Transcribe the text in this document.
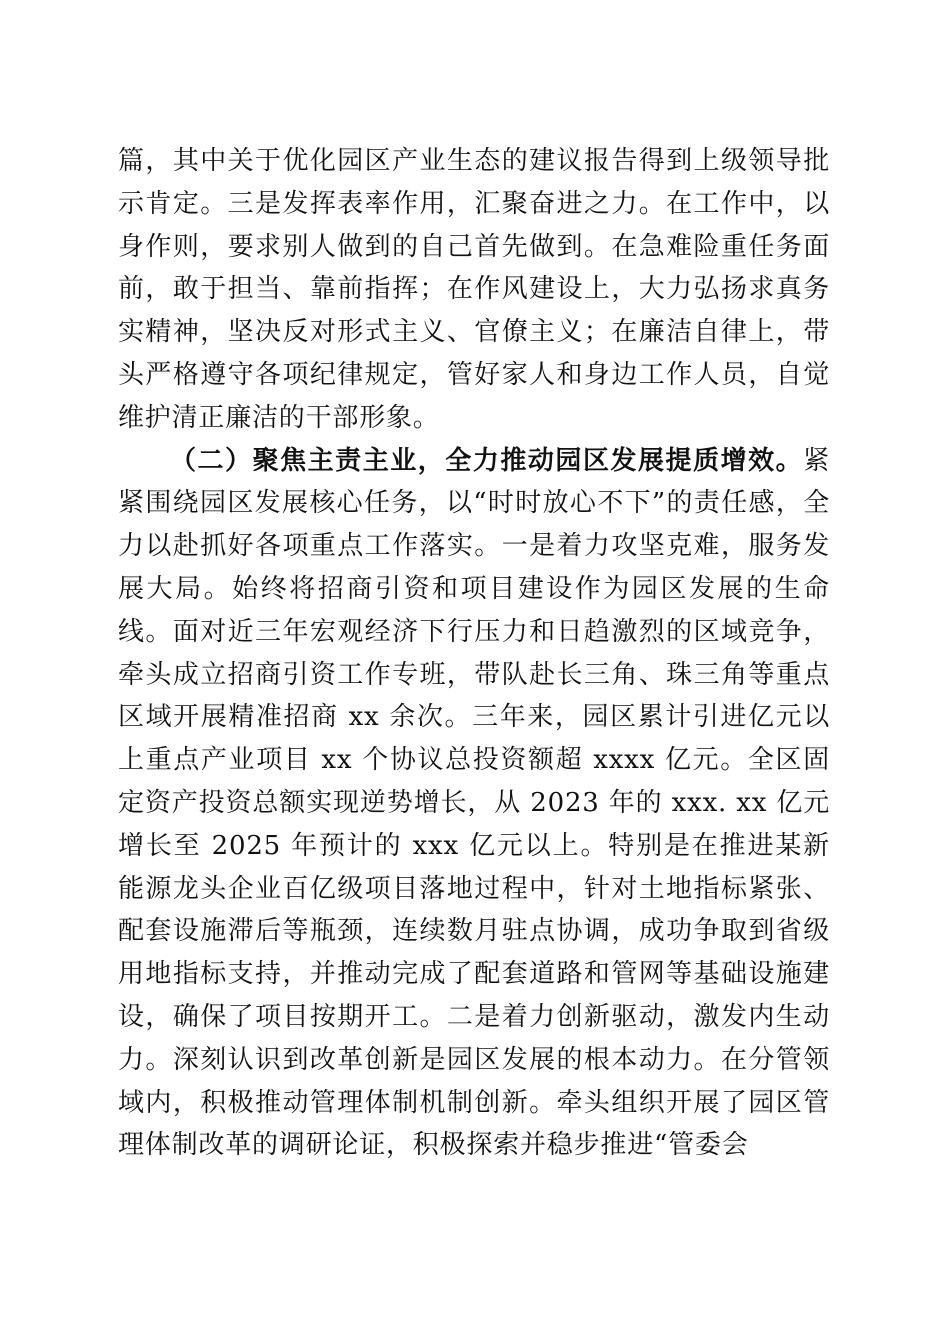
篇，其中关于优化园区产业生态的建议报告得到上级领导批示肯定。三是发挥表率作用，汇聚奋进之力。在工作中，以身作则，要求别人做到的自己首先做到。在急难险重任务面前，敢于担当、靠前指挥；在作风建设上，大力弘扬求真务实精神，坚决反对形式主义、官僚主义；在廉洁自律上，带头严格遵守各项纪律规定，管好家人和身边工作人员，自觉维护清正廉洁的干部形象。

（二）聚焦主责主业，全力推动园区发展提质增效。紧紧围绕园区发展核心任务，以“时时放心不下”的责任感，全力以赴抓好各项重点工作落实。一是着力攻坚克难，服务发展大局。始终将招商引资和项目建设作为园区发展的生命线。面对近三年宏观经济下行压力和日趋激烈的区域竞争，牵头成立招商引资工作专班，带队赴长三角、珠三角等重点区域开展精准招商 xx 余次。三年来，园区累计引进亿元以上重点产业项目 xx 个协议总投资额超 xxxx 亿元。全区固定资产投资总额实现逆势增长，从 2023 年的 xxx. xx 亿元增长至 2025 年预计的 xxx 亿元以上。特别是在推进某新能源龙头企业百亿级项目落地过程中，针对土地指标紧张、配套设施滞后等瓶颈，连续数月驻点协调，成功争取到省级用地指标支持，并推动完成了配套道路和管网等基础设施建设，确保了项目按期开工。二是着力创新驱动，激发内生动力。深刻认识到改革创新是园区发展的根本动力。在分管领域内，积极推动管理体制机制创新。牵头组织开展了园区管理体制改革的调研论证，积极探索并稳步推进“管委会
